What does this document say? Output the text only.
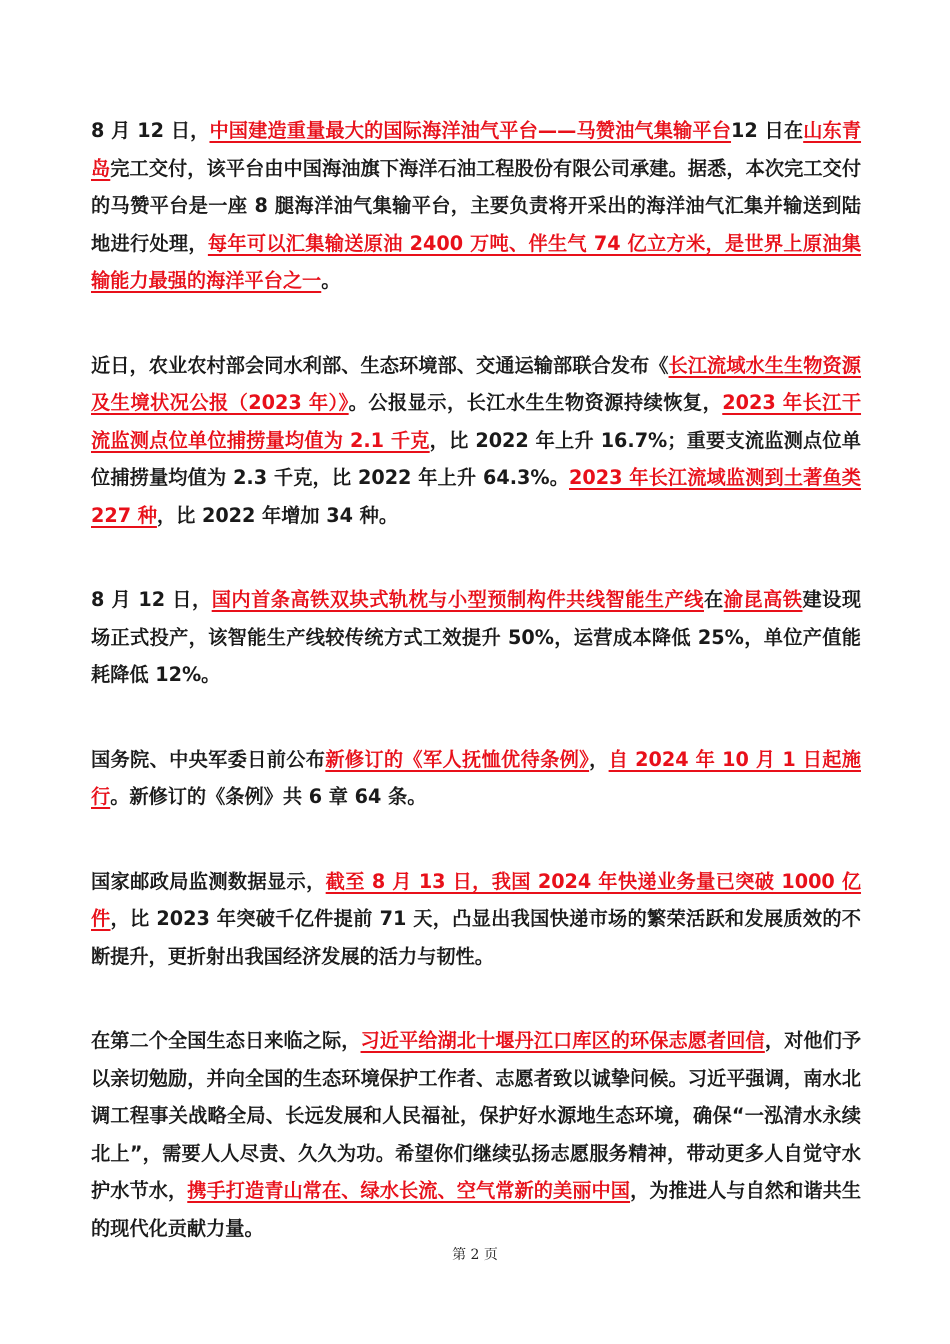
8 月 12 日，中国建造重量最大的国际海洋油气平台——马赞油气集输平台12 日在山东青岛完工交付，该平台由中国海油旗下海洋石油工程股份有限公司承建。据悉，本次完工交付的马赞平台是一座 8 腿海洋油气集输平台，主要负责将开采出的海洋油气汇集并输送到陆地进行处理，每年可以汇集输送原油 2400 万吨、伴生气 74 亿立方米，是世界上原油集输能力最强的海洋平台之一。

近日，农业农村部会同水利部、生态环境部、交通运输部联合发布《长江流域水生生物资源及生境状况公报（2023 年）》。公报显示，长江水生生物资源持续恢复，2023 年长江干流监测点位单位捕捞量均值为 2.1 千克，比 2022 年上升 16.7%；重要支流监测点位单位捕捞量均值为 2.3 千克，比 2022 年上升 64.3%。2023 年长江流域监测到土著鱼类 227 种，比 2022 年增加 34 种。

8 月 12 日，国内首条高铁双块式轨枕与小型预制构件共线智能生产线在渝昆高铁建设现场正式投产，该智能生产线较传统方式工效提升 50%，运营成本降低 25%，单位产值能耗降低 12%。

国务院、中央军委日前公布新修订的《军人抚恤优待条例》，自 2024 年 10 月 1 日起施行。新修订的《条例》共 6 章 64 条。

国家邮政局监测数据显示，截至 8 月 13 日，我国 2024 年快递业务量已突破 1000 亿件，比 2023 年突破千亿件提前 71 天，凸显出我国快递市场的繁荣活跃和发展质效的不断提升，更折射出我国经济发展的活力与韧性。

在第二个全国生态日来临之际，习近平给湖北十堰丹江口库区的环保志愿者回信，对他们予以亲切勉励，并向全国的生态环境保护工作者、志愿者致以诚挚问候。习近平强调，南水北调工程事关战略全局、长远发展和人民福祉，保护好水源地生态环境，确保“一泓清水永续北上”，需要人人尽责、久久为功。希望你们继续弘扬志愿服务精神，带动更多人自觉守水护水节水，携手打造青山常在、绿水长流、空气常新的美丽中国，为推进人与自然和谐共生的现代化贡献力量。

第 2 页
